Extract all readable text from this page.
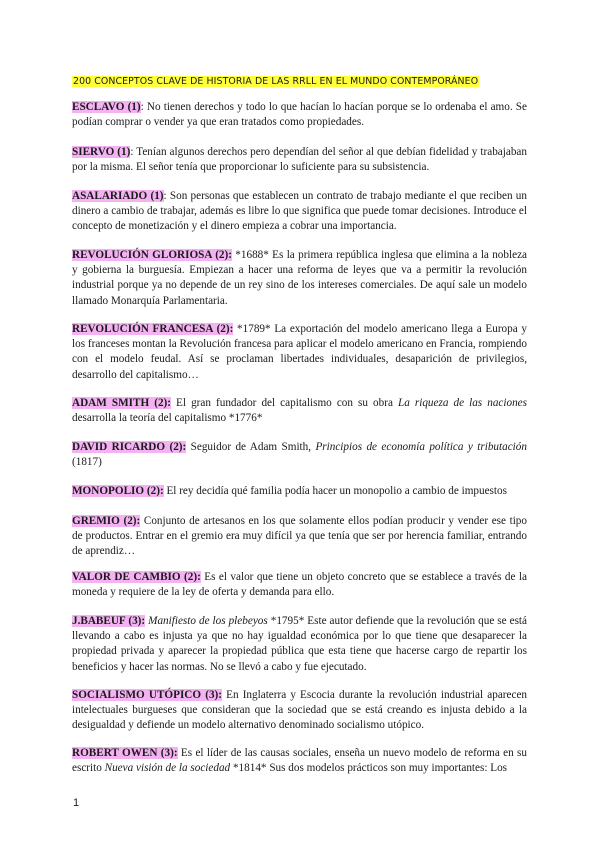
200 CONCEPTOS CLAVE DE HISTORIA DE LAS RRLL EN EL MUNDO CONTEMPORÁNEO
ESCLAVO (1): No tienen derechos y todo lo que hacían lo hacían porque se lo ordenaba el amo. Se podían comprar o vender ya que eran tratados como propiedades.
SIERVO (1): Tenían algunos derechos pero dependían del señor al que debían fidelidad y trabajaban por la misma. El señor tenía que proporcionar lo suficiente para su subsistencia.
ASALARIADO (1): Son personas que establecen un contrato de trabajo mediante el que reciben un dinero a cambio de trabajar, además es libre lo que significa que puede tomar decisiones. Introduce el concepto de monetización y el dinero empieza a cobrar una importancia.
REVOLUCIÓN GLORIOSA (2): *1688* Es la primera república inglesa que elimina a la nobleza y gobierna la burguesía. Empiezan a hacer una reforma de leyes que va a permitir la revolución industrial porque ya no depende de un rey sino de los intereses comerciales. De aquí sale un modelo llamado Monarquía Parlamentaria.
REVOLUCIÓN FRANCESA (2): *1789* La exportación del modelo americano llega a Europa y los franceses montan la Revolución francesa para aplicar el modelo americano en Francia, rompiendo con el modelo feudal. Así se proclaman libertades individuales, desaparición de privilegios, desarrollo del capitalismo…
ADAM SMITH (2): El gran fundador del capitalismo con su obra La riqueza de las naciones desarrolla la teoría del capitalismo *1776*
DAVID RICARDO (2): Seguidor de Adam Smith, Principios de economía política y tributación (1817)
MONOPOLIO (2): El rey decidía qué familia podía hacer un monopolio a cambio de impuestos
GREMIO (2): Conjunto de artesanos en los que solamente ellos podían producir y vender ese tipo de productos. Entrar en el gremio era muy difícil ya que tenía que ser por herencia familiar, entrando de aprendiz…
VALOR DE CAMBIO (2): Es el valor que tiene un objeto concreto que se establece a través de la moneda y requiere de la ley de oferta y demanda para ello.
J.BABEUF (3): Manifiesto de los plebeyos *1795* Este autor defiende que la revolución que se está llevando a cabo es injusta ya que no hay igualdad económica por lo que tiene que desaparecer la propiedad privada y aparecer la propiedad pública que esta tiene que hacerse cargo de repartir los beneficios y hacer las normas. No se llevó a cabo y fue ejecutado.
SOCIALISMO UTÓPICO (3): En Inglaterra y Escocia durante la revolución industrial aparecen intelectuales burgueses que consideran que la sociedad que se está creando es injusta debido a la desigualdad y defiende un modelo alternativo denominado socialismo utópico.
ROBERT OWEN (3): Es el líder de las causas sociales, enseña un nuevo modelo de reforma en su escrito Nueva visión de la sociedad *1814* Sus dos modelos prácticos son muy importantes: Los
1
